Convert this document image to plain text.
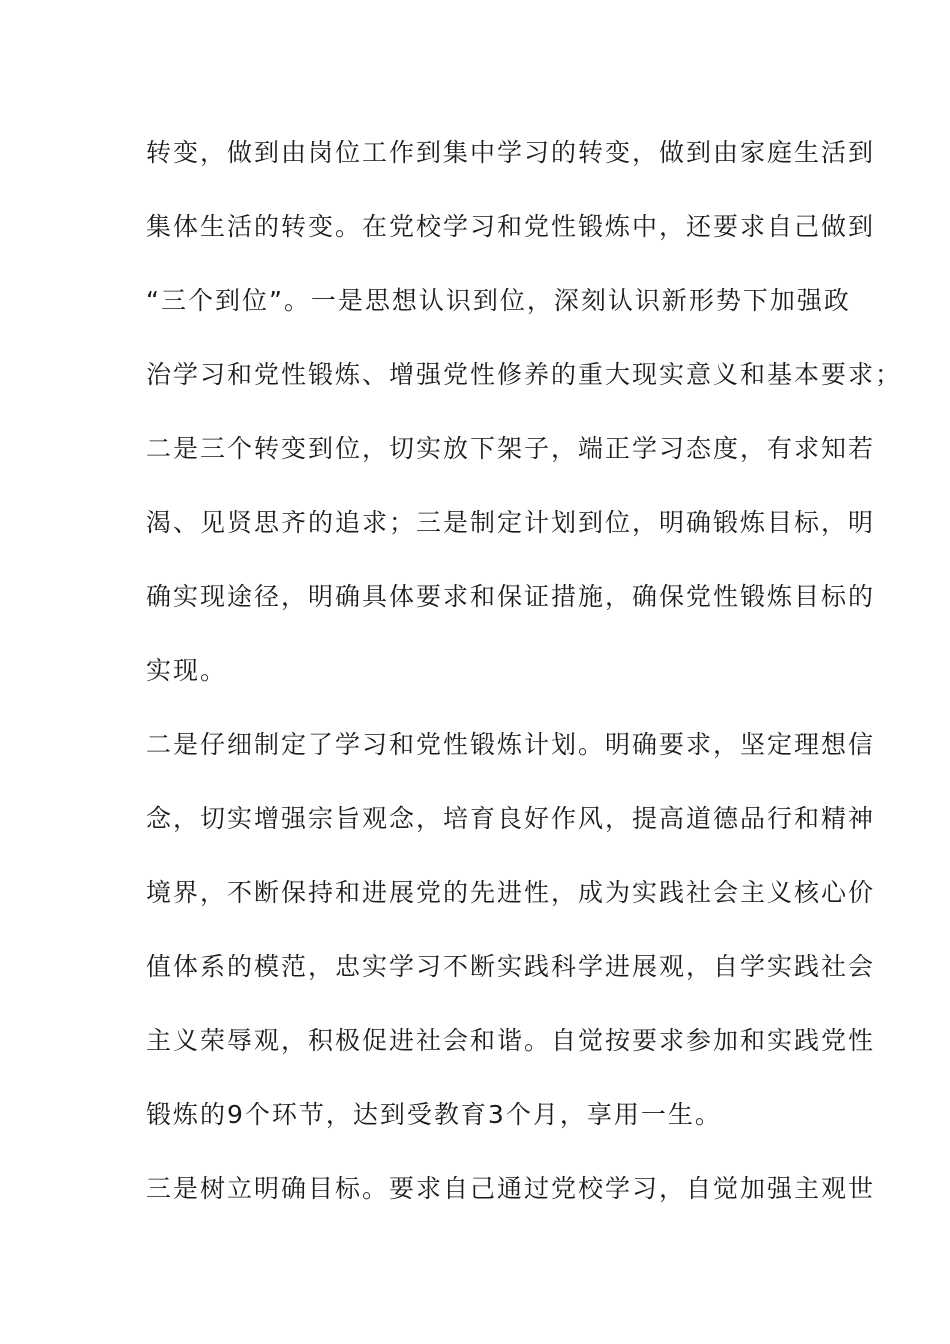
转变，做到由岗位工作到集中学习的转变，做到由家庭生活到
集体生活的转变。在党校学习和党性锻炼中，还要求自己做到
“三个到位”。一是思想认识到位，深刻认识新形势下加强政
治学习和党性锻炼、增强党性修养的重大现实意义和基本要求；
二是三个转变到位，切实放下架子，端正学习态度，有求知若
渴、见贤思齐的追求；三是制定计划到位，明确锻炼目标，明
确实现途径，明确具体要求和保证措施，确保党性锻炼目标的
实现。
二是仔细制定了学习和党性锻炼计划。明确要求，坚定理想信
念，切实增强宗旨观念，培育良好作风，提高道德品行和精神
境界，不断保持和进展党的先进性，成为实践社会主义核心价
值体系的模范，忠实学习不断实践科学进展观，自学实践社会
主义荣辱观，积极促进社会和谐。自觉按要求参加和实践党性
锻炼的9个环节，达到受教育3个月，享用一生。
三是树立明确目标。要求自己通过党校学习，自觉加强主观世
